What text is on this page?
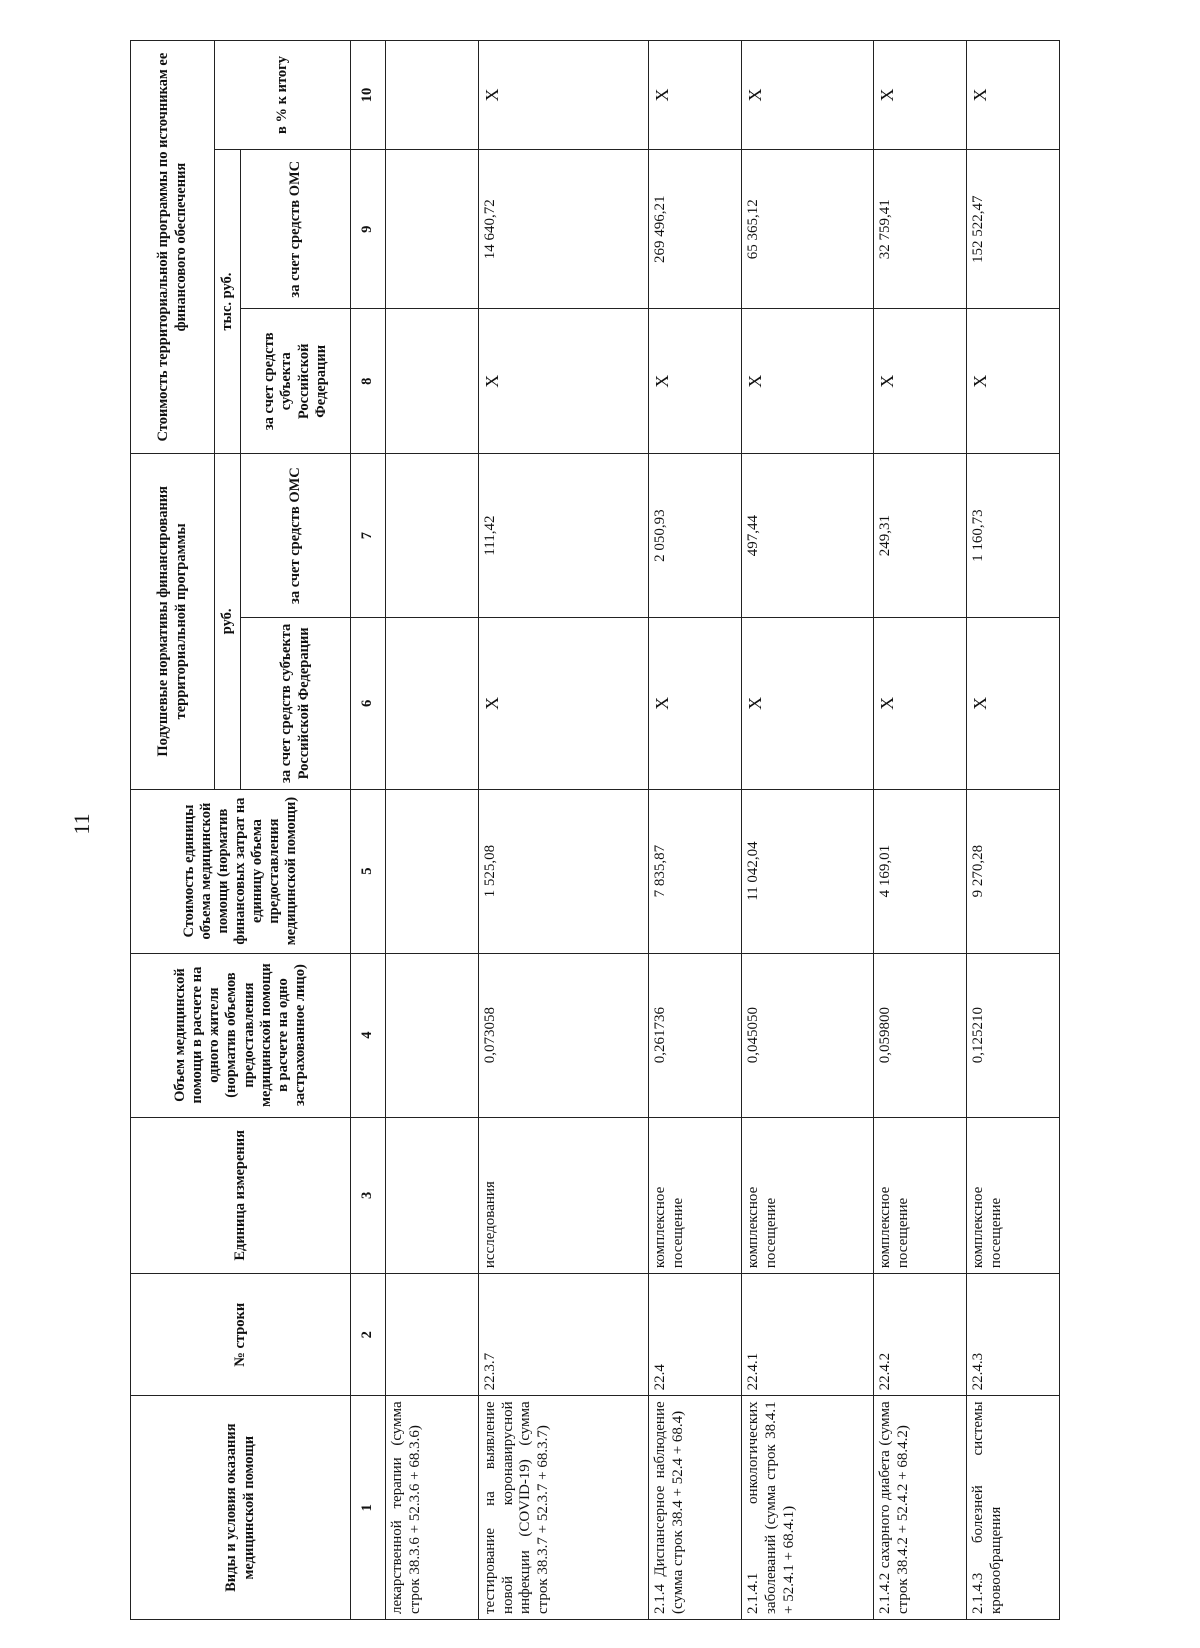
11
Виды и условия оказания медицинской помощи	№ строки	Единица измерения	Объем медицинской помощи в расчете на одного жителя (норматив объемов предоставления медицинской помощи в расчете на одно застрахованное лицо)	Стоимость единицы объема медицинской помощи (норматив финансовых затрат на единицу объема предоставления медицинской помощи)	Подушевые нормативы финансирования территориальной программы		Стоимость территориальной программы по источникам ее финансового обеспечения		
					руб.		тыс. руб.		в % к итогу
					за счет средств субъекта Российской Федерации	за счет средств ОМС	за счет средств субъекта Российской Федерации	за счет средств ОМС	
1	2	3	4	5	6	7	8	9	10
лекарственной терапии (сумма строк 38.3.6 + 52.3.6 + 68.3.6)									
тестирование на выявление новой коронавирусной инфекции (COVID-19) (сумма строк 38.3.7 + 52.3.7 + 68.3.7)	22.3.7	исследования	0,073058	1 525,08	Х	111,42	Х	14 640,72	Х
2.1.4 Диспансерное наблюдение (сумма строк 38.4 + 52.4 + 68.4)	22.4	комплексное посещение	0,261736	7 835,87	Х	2 050,93	Х	269 496,21	Х
2.1.4.1 онкологических заболеваний (сумма строк 38.4.1 + 52.4.1 + 68.4.1)	22.4.1	комплексное посещение	0,045050	11 042,04	Х	497,44	Х	65 365,12	Х
2.1.4.2 сахарного диабета (сумма строк 38.4.2 + 52.4.2 + 68.4.2)	22.4.2	комплексное посещение	0,059800	4 169,01	Х	249,31	Х	32 759,41	Х
2.1.4.3 болезней системы кровообращения	22.4.3	комплексное посещение	0,125210	9 270,28	Х	1 160,73	Х	152 522,47	Х
